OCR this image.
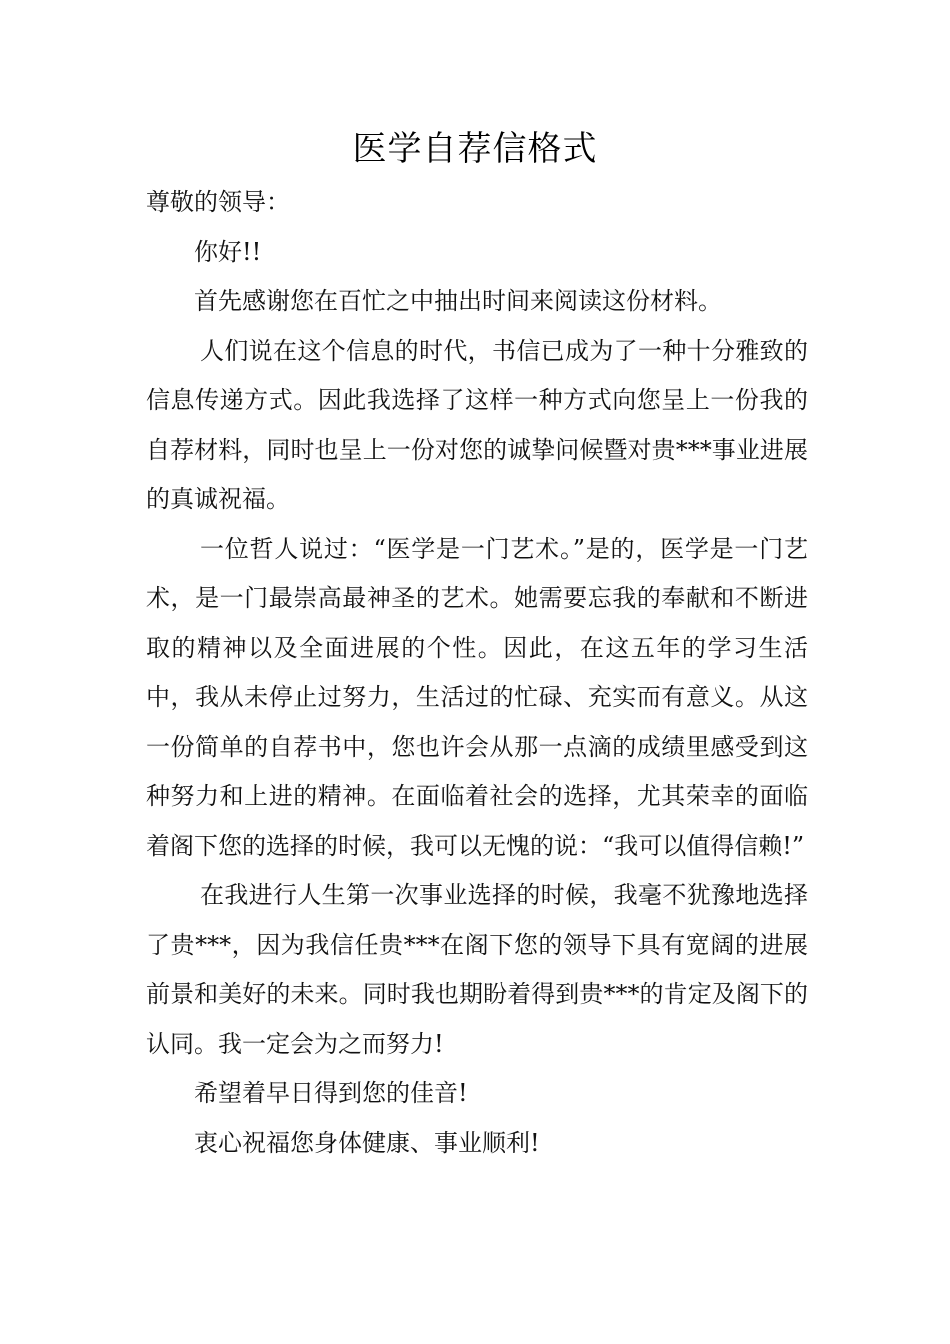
医学自荐信格式

尊敬的领导：

你好!!

首先感谢您在百忙之中抽出时间来阅读这份材料。

人们说在这个信息的时代，书信已成为了一种十分雅致的信息传递方式。因此我选择了这样一种方式向您呈上一份我的自荐材料，同时也呈上一份对您的诚挚问候暨对贵***事业进展的真诚祝福。

一位哲人说过：“医学是一门艺术。”是的，医学是一门艺术，是一门最崇高最神圣的艺术。她需要忘我的奉献和不断进取的精神以及全面进展的个性。因此，在这五年的学习生活中，我从未停止过努力，生活过的忙碌、充实而有意义。从这一份简单的自荐书中，您也许会从那一点滴的成绩里感受到这种努力和上进的精神。在面临着社会的选择，尤其荣幸的面临着阁下您的选择的时候，我可以无愧的说：“我可以值得信赖!”

在我进行人生第一次事业选择的时候，我毫不犹豫地选择了贵***，因为我信任贵***在阁下您的领导下具有宽阔的进展前景和美好的未来。同时我也期盼着得到贵***的肯定及阁下的认同。我一定会为之而努力!

希望着早日得到您的佳音!

衷心祝福您身体健康、事业顺利!
